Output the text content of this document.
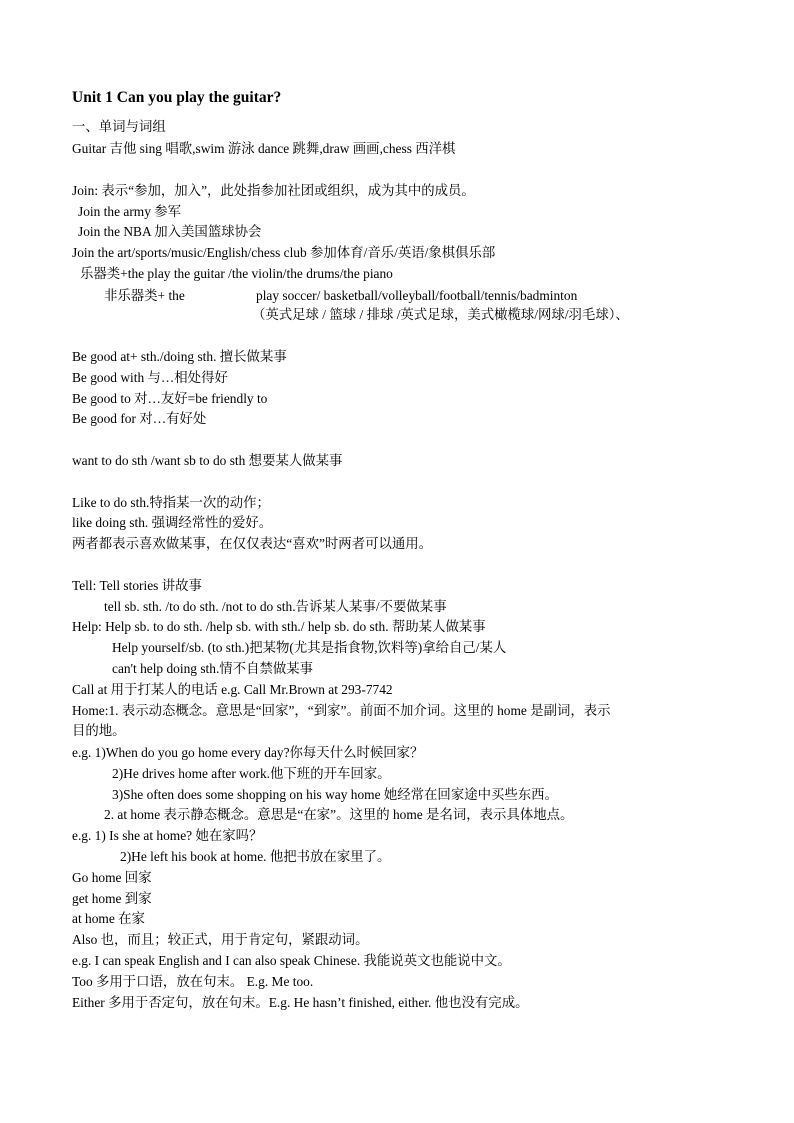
Unit 1 Can you play the guitar?
一、单词与词组
Guitar 吉他 sing 唱歌,swim 游泳 dance 跳舞,draw 画画,chess 西洋棋
Join: 表示“参加，加入”，此处指参加社团或组织，成为其中的成员。
Join the army 参军
Join the NBA 加入美国篮球协会
Join the art/sports/music/English/chess club 参加体育/音乐/英语/象棋俱乐部
乐器类+the play the guitar /the violin/the drums/the piano
非乐器类+ the	play soccer/ basketball/volleyball/football/tennis/badminton
（英式足球 / 篮球 / 排球 /英式足球，美式橄榄球/网球/羽毛球）、
Be good at+ sth./doing sth. 擅长做某事
Be good with 与…相处得好
Be good to 对…友好=be friendly to
Be good for 对…有好处
want to do sth /want sb to do sth 想要某人做某事
Like to do sth.特指某一次的动作；
like doing sth. 强调经常性的爱好。
两者都表示喜欢做某事，在仅仅表达“喜欢”时两者可以通用。
Tell: Tell stories 讲故事
tell sb. sth. /to do sth. /not to do sth.告诉某人某事/不要做某事
Help: Help sb. to do sth. /help sb. with sth./ help sb. do sth. 帮助某人做某事
Help yourself/sb. (to sth.)把某物(尤其是指食物,饮料等)拿给自己/某人
can't help doing sth.情不自禁做某事
Call at 用于打某人的电话 e.g. Call Mr.Brown at 293-7742
Home:1. 表示动态概念。意思是“回家”，“到家”。前面不加介词。这里的 home 是副词，表示
目的地。
e.g. 1)When do you go home every day?你每天什么时候回家？
2)He drives home after work.他下班的开车回家。
3)She often does some shopping on his way home 她经常在回家途中买些东西。
2. at home 表示静态概念。意思是“在家”。这里的 home 是名词，表示具体地点。
e.g. 1) Is she at home? 她在家吗？
2)He left his book at home. 他把书放在家里了。
Go home 回家
get home 到家
at home 在家
Also 也，而且；较正式，用于肯定句，紧跟动词。
e.g. I can speak English and I can also speak Chinese. 我能说英文也能说中文。
Too 多用于口语，放在句末。 E.g. Me too.
Either 多用于否定句，放在句末。E.g. He hasn’t finished, either. 他也没有完成。
